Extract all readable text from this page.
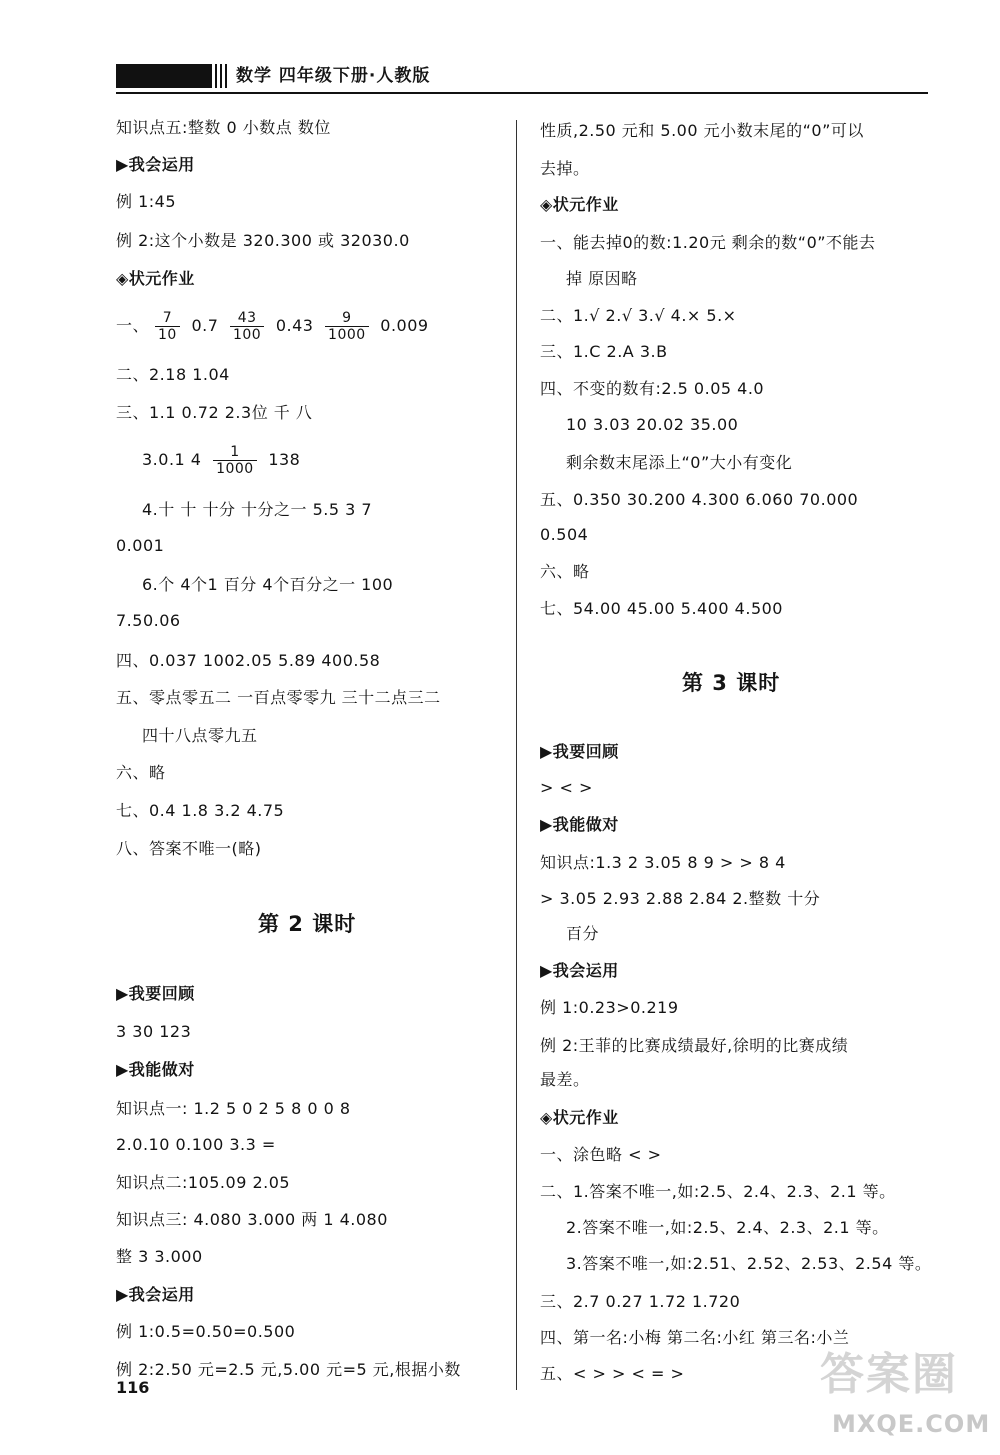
数学 四年级下册·人教版
知识点五:整数 0 小数点 数位
▶我会运用
例 1:45
例 2:这个小数是 320.300 或 32030.0
◈状元作业
一、 $\frac{7}{10} 0.7 \frac{43}{100} 0.43 \frac{9}{1000} 0.009$
二、2.18 1.04
三、1.1 0.72 2.3位 千 八
3.0.1 $4 \frac{1}{1000} 138$
4.十 十 十分 十分之一 5.5 3 7
0.001
6.个 4个1 百分 4个百分之一 100
7.50.06
四、0.037 1002.05 5.89 400.58
五、零点零五二 一百点零零九 三十二点三二
四十八点零九五
六、略
七、0.4 1.8 3.2 4.75
八、答案不唯一(略)
第 2 课时
▶我要回顾
3 30 123
▶我能做对
知识点一: 1.2 5 0 2 5 8 0 0 8
2.0.10 0.100 3.3 =
知识点二:105.09 2.05
知识点三: 4.080 3.000 两 1 4.080
整 3 3.000
▶我会运用
例 1:0.5=0.50=0.500
例 2:2.50 元=2.5 元,5.00 元=5 元,根据小数
性质,2.50 元和 5.00 元小数末尾的“0”可以
去掉。
◈状元作业
一、能去掉0的数:1.20元 剩余的数“0”不能去
掉 原因略
二、1.√ 2.√ 3.√ 4.× 5.×
三、1.C 2.A 3.B
四、不变的数有:2.5 0.05 4.0
10 3.03 20.02 35.00
剩余数末尾添上“0”大小有变化
五、0.350 30.200 4.300 6.060 70.000
0.504
六、略
七、54.00 45.00 5.400 4.500
第 3 课时
▶我要回顾
> < >
▶我能做对
知识点:1.3 2 3.05 8 9 > > 8 4
> 3.05 2.93 2.88 2.84 2.整数 十分
百分
▶我会运用
例 1:0.23>0.219
例 2:王菲的比赛成绩最好,徐明的比赛成绩
最差。
◈状元作业
一、涂色略 < >
二、1.答案不唯一,如:2.5、2.4、2.3、2.1 等。
2.答案不唯一,如:2.5、2.4、2.3、2.1 等。
3.答案不唯一,如:2.51、2.52、2.53、2.54 等。
三、2.7 0.27 1.72 1.720
四、第一名:小梅 第二名:小红 第三名:小兰
五、< > > < = >
116	答案圈
MXQE.COM
